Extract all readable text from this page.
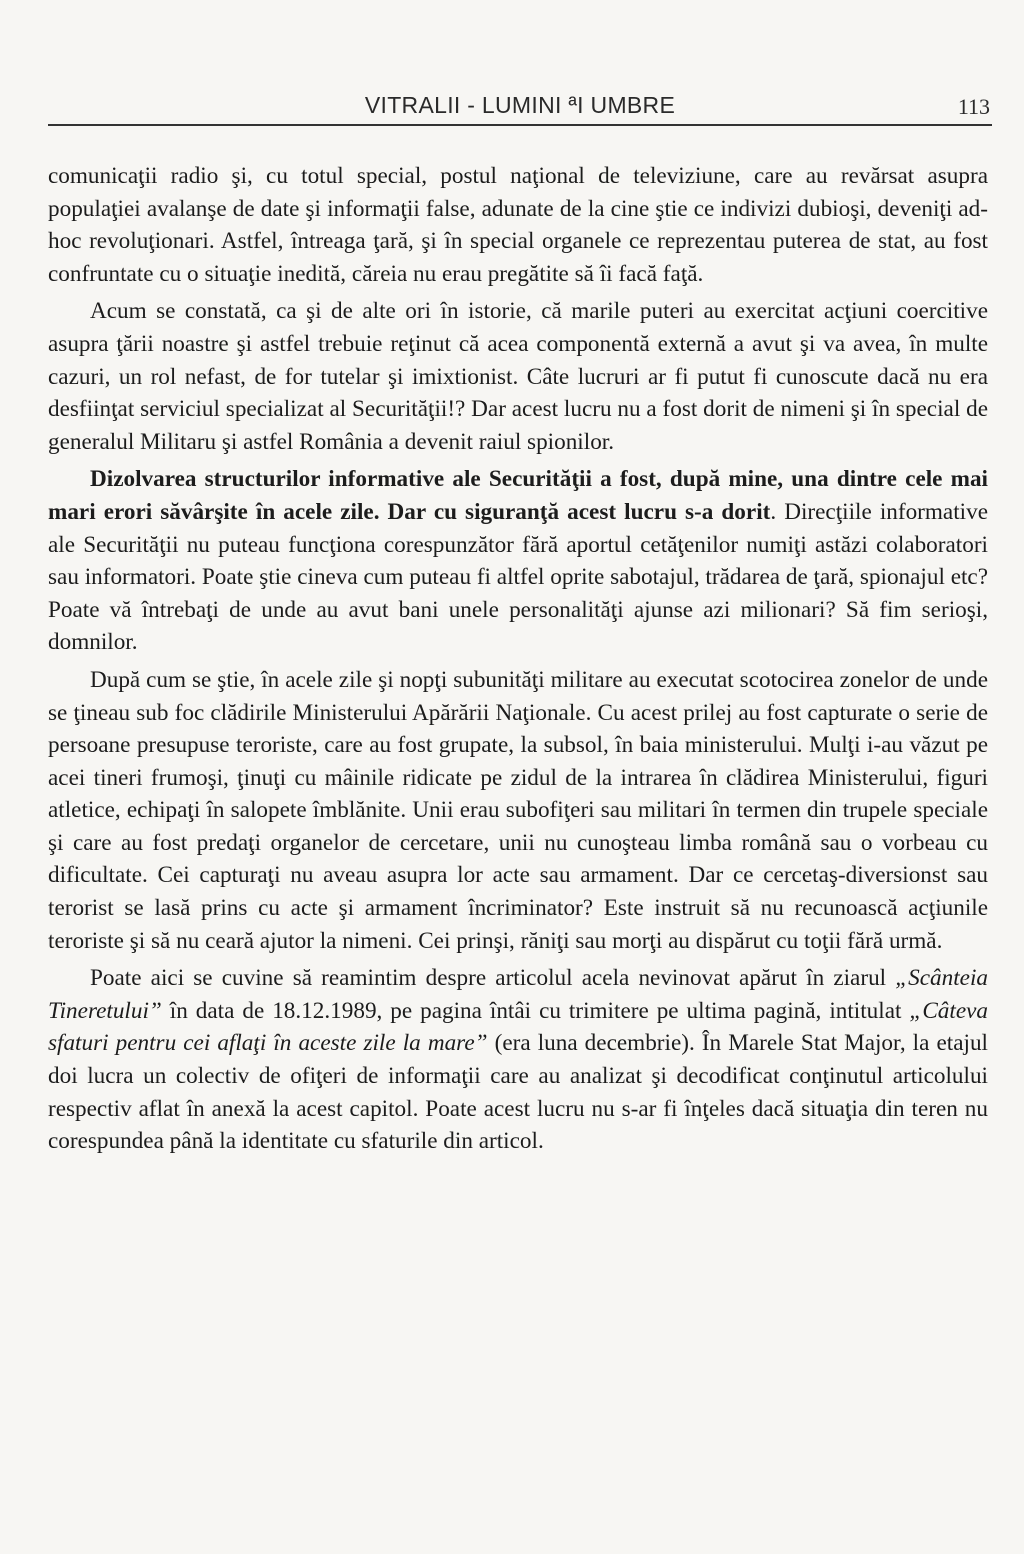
VITRALII - LUMINI ªI UMBRE	113

comunicaţii radio şi, cu totul special, postul naţional de televiziune, care au revărsat asupra populaţiei avalanşe de date şi informaţii false, adunate de la cine ştie ce indivizi dubioşi, deveniţi ad-hoc revoluţionari. Astfel, întreaga ţară, şi în special organele ce reprezentau puterea de stat, au fost confruntate cu o situaţie inedită, căreia nu erau pregătite să îi facă faţă.

Acum se constată, ca şi de alte ori în istorie, că marile puteri au exercitat acţiuni coercitive asupra ţării noastre şi astfel trebuie reţinut că acea componentă externă a avut şi va avea, în multe cazuri, un rol nefast, de for tutelar şi imixtionist. Câte lucruri ar fi putut fi cunoscute dacă nu era desfiinţat serviciul specializat al Securităţii!? Dar acest lucru nu a fost dorit de nimeni şi în special de generalul Militaru şi astfel România a devenit raiul spionilor.

Dizolvarea structurilor informative ale Securităţii a fost, după mine, una dintre cele mai mari erori săvârşite în acele zile. Dar cu siguranţă acest lucru s-a dorit. Direcţiile informative ale Securităţii nu puteau funcţiona corespunzător fără aportul cetăţenilor numiţi astăzi colaboratori sau informatori. Poate ştie cineva cum puteau fi altfel oprite sabotajul, trădarea de ţară, spionajul etc? Poate vă întrebaţi de unde au avut bani unele personalităţi ajunse azi milionari? Să fim serioşi, domnilor.

După cum se ştie, în acele zile şi nopţi subunităţi militare au executat scotocirea zonelor de unde se ţineau sub foc clădirile Ministerului Apărării Naţionale. Cu acest prilej au fost capturate o serie de persoane presupuse teroriste, care au fost grupate, la subsol, în baia ministerului. Mulţi i-au văzut pe acei tineri frumoşi, ţinuţi cu mâinile ridicate pe zidul de la intrarea în clădirea Ministerului, figuri atletice, echipaţi în salopete îmblănite. Unii erau subofiţeri sau militari în termen din trupele speciale şi care au fost predaţi organelor de cercetare, unii nu cunoşteau limba română sau o vorbeau cu dificultate. Cei capturaţi nu aveau asupra lor acte sau armament. Dar ce cercetaş-diversionst sau terorist se lasă prins cu acte şi armament încriminator? Este instruit să nu recunoască acţiunile teroriste şi să nu ceară ajutor la nimeni. Cei prinşi, răniţi sau morţi au dispărut cu toţii fără urmă.

Poate aici se cuvine să reamintim despre articolul acela nevinovat apărut în ziarul „Scânteia Tineretului” în data de 18.12.1989, pe pagina întâi cu trimitere pe ultima pagină, intitulat „Câteva sfaturi pentru cei aflaţi în aceste zile la mare” (era luna decembrie). În Marele Stat Major, la etajul doi lucra un colectiv de ofiţeri de informaţii care au analizat şi decodificat conţinutul articolului respectiv aflat în anexă la acest capitol. Poate acest lucru nu s-ar fi înţeles dacă situaţia din teren nu corespundea până la identitate cu sfaturile din articol.
